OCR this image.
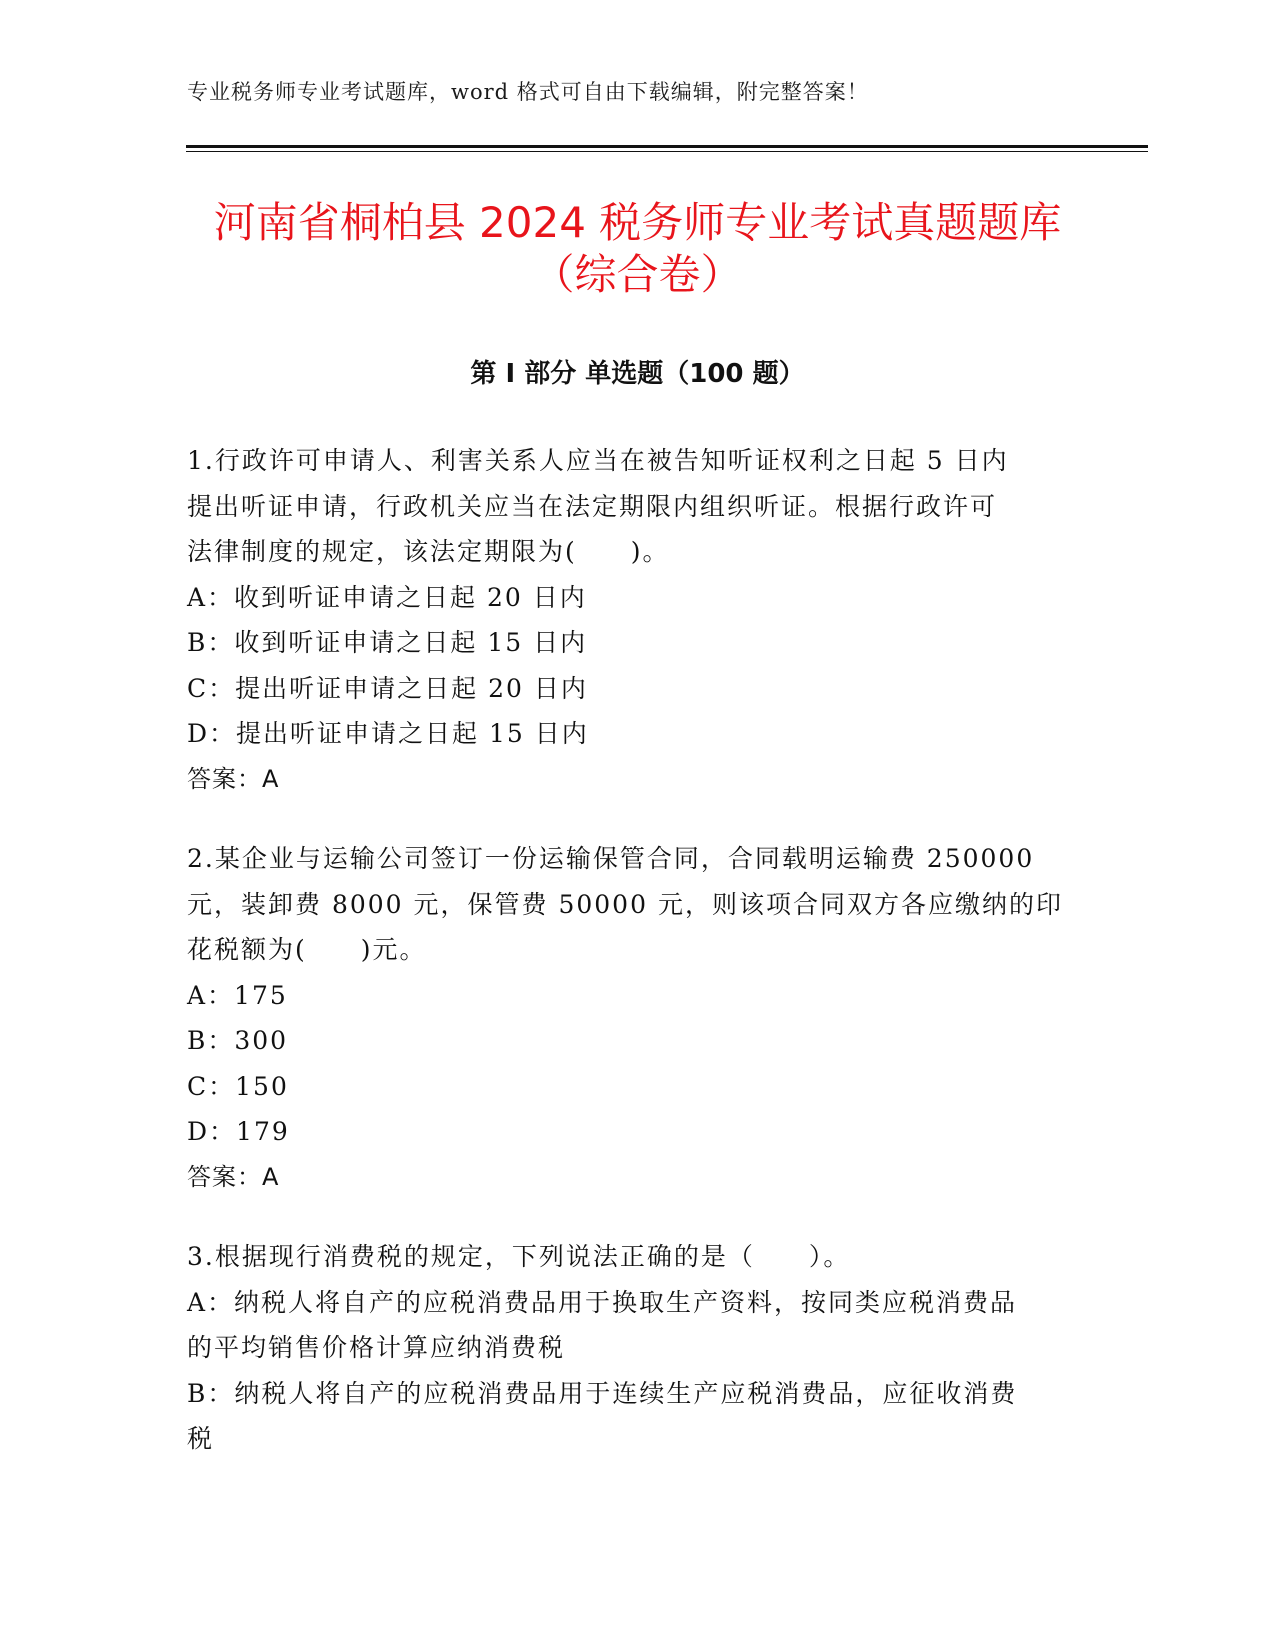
专业税务师专业考试题库，word 格式可自由下载编辑，附完整答案！
河南省桐柏县 2024 税务师专业考试真题题库
（综合卷）
第 I 部分 单选题（100 题）

1.行政许可申请人、利害关系人应当在被告知听证权利之日起 5 日内

提出听证申请，行政机关应当在法定期限内组织听证。根据行政许可

法律制度的规定，该法定期限为(　　)。

A：收到听证申请之日起 20 日内

B：收到听证申请之日起 15 日内

C：提出听证申请之日起 20 日内

D：提出听证申请之日起 15 日内

答案：A

2.某企业与运输公司签订一份运输保管合同，合同载明运输费 250000

元，装卸费 8000 元，保管费 50000 元，则该项合同双方各应缴纳的印

花税额为(　　)元。

A：175

B：300

C：150

D：179

答案：A

3.根据现行消费税的规定，下列说法正确的是（　　）。

A：纳税人将自产的应税消费品用于换取生产资料，按同类应税消费品

的平均销售价格计算应纳消费税

B：纳税人将自产的应税消费品用于连续生产应税消费品，应征收消费

税
